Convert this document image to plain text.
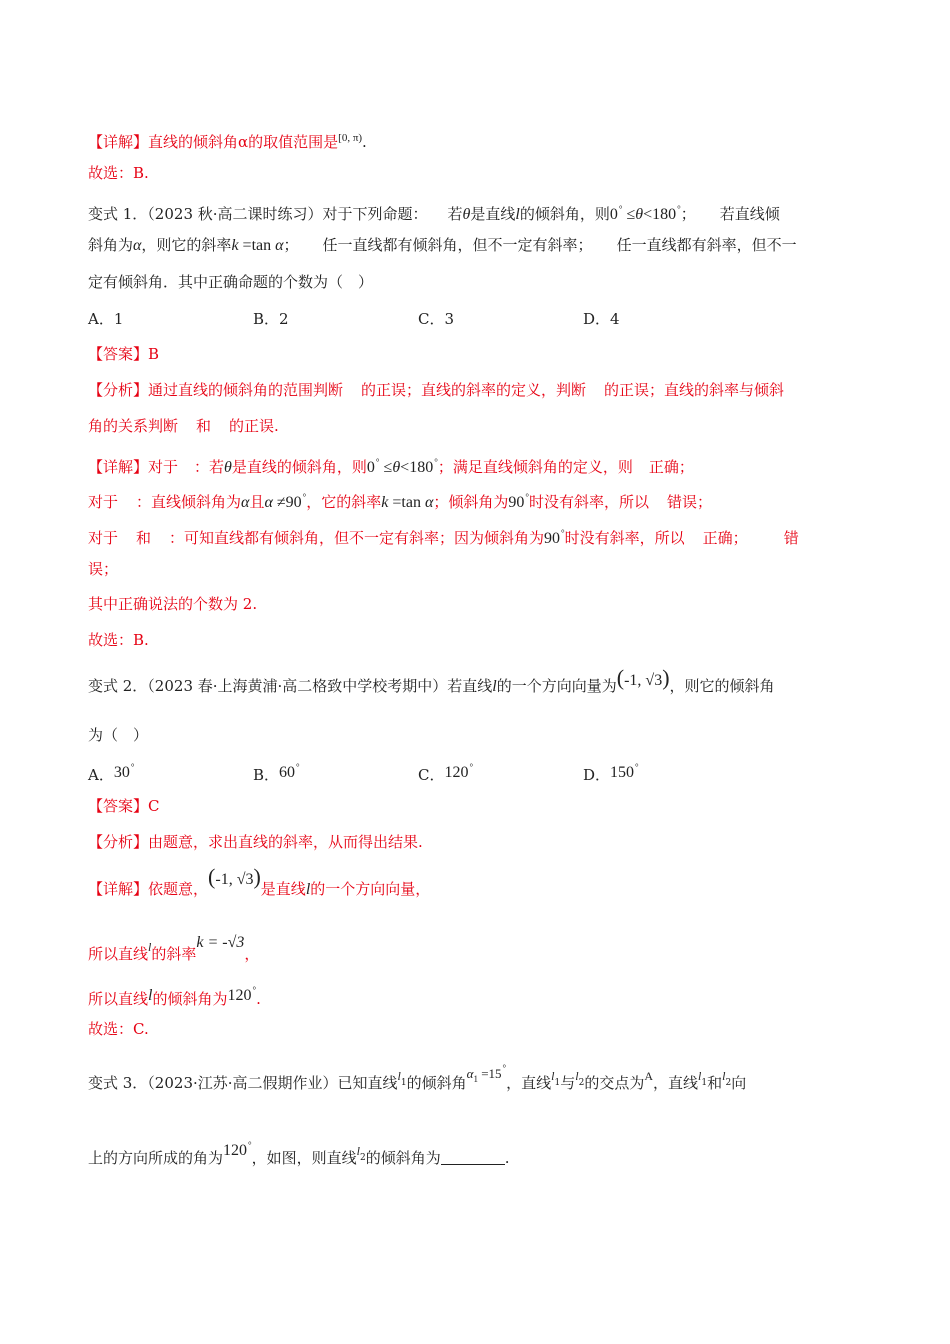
【详解】直线的倾斜角α的取值范围是$^{[0, \pi)}$.
故选：B.
变式 1．（2023 秋·高二课时练习）对于下列命题： 若θ是直线l的倾斜角，则0° ≤θ<180°； 若直线倾
斜角为α，则它的斜率k =tan α； 任一直线都有倾斜角，但不一定有斜率； 任一直线都有斜率，但不一
定有倾斜角．其中正确命题的个数为（　）
A．1	B．2	C．3	D．4
【答案】B
【分析】通过直线的倾斜角的范围判断 的正误；直线的斜率的定义，判断 的正误；直线的斜率与倾斜
角的关系判断 和 的正误.
【详解】对于 ：若θ是直线的倾斜角，则0° ≤θ<180°；满足直线倾斜角的定义，则 正确；
对于 ：直线倾斜角为α且α ≠90°，它的斜率k =tan α；倾斜角为90°时没有斜率，所以 错误；
对于 和 ：可知直线都有倾斜角，但不一定有斜率；因为倾斜角为90°时没有斜率，所以 正确； 错
误；
其中正确说法的个数为 2.
故选：B.
变式 2．（2023 春·上海黄浦·高二格致中学校考期中）若直线l的一个方向向量为(-1, √3)，则它的倾斜角
为（　）
A．30°	B．60°	C．120°	D．150°
【答案】C
【分析】由题意，求出直线的斜率，从而得出结果.
【详解】依题意，(-1, √3)是直线l的一个方向向量，
所以直线$^l$的斜率k = -√3，
所以直线l的倾斜角为120°.
故选：C.
变式 3．（2023·江苏·高二假期作业）已知直线$^{l1}$的倾斜角$\alpha_1 =15^\circ$，直线$^{l1}$与$^{l2}$的交点为$^A$，直线$^{l1}$和$^{l2}$向
上的方向所成的角为120°，如图，则直线$^{l2}$的倾斜角为	.
